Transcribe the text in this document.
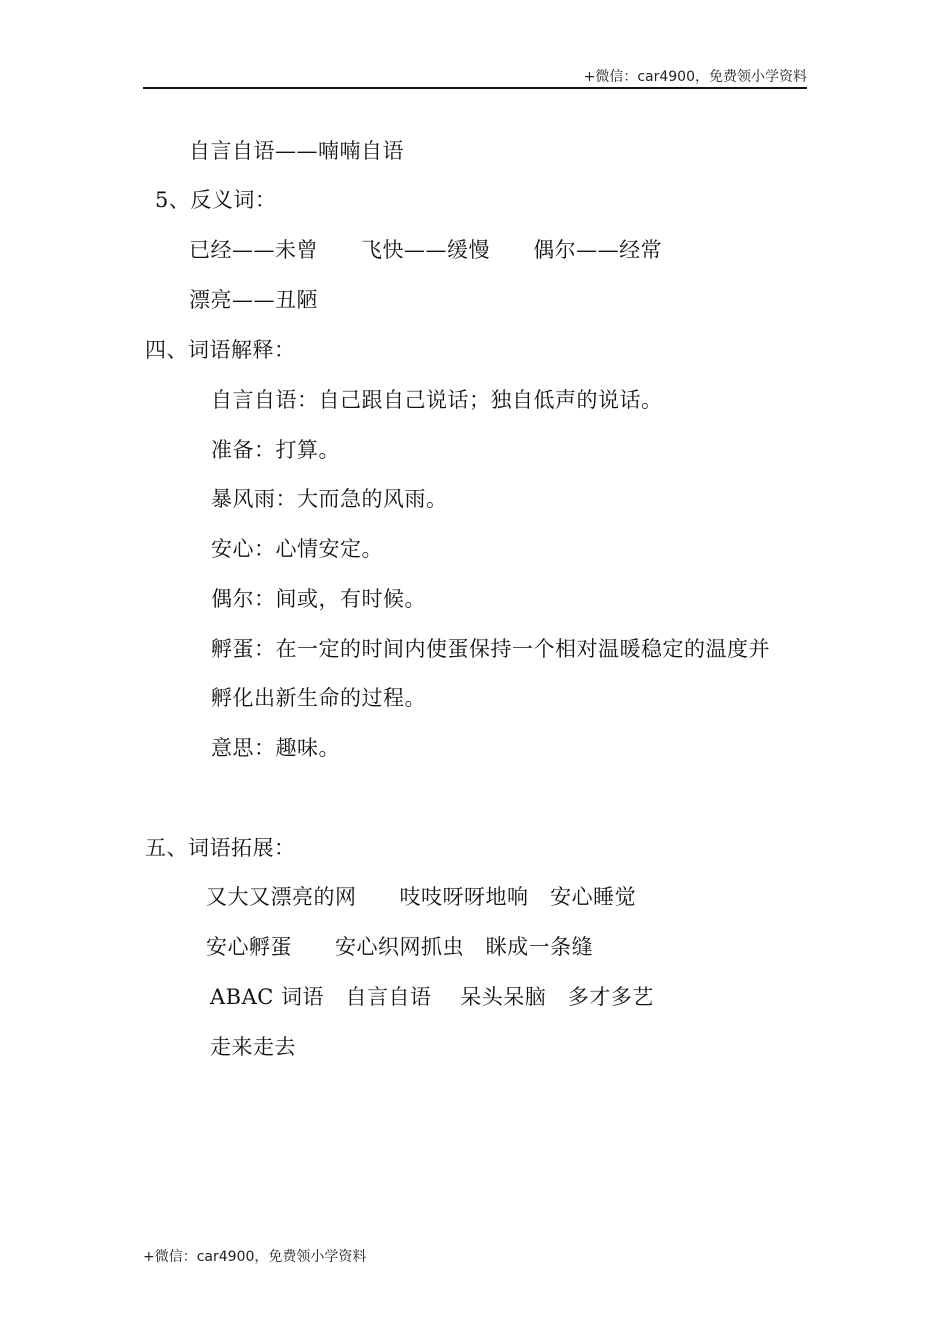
+微信：car4900，免费领小学资料
自言自语——喃喃自语
5、反义词：
已经——未曾      飞快——缓慢      偶尔——经常
漂亮——丑陋
四、词语解释：
自言自语：自己跟自己说话；独自低声的说话。
准备：打算。
暴风雨：大而急的风雨。
安心：心情安定。
偶尔：间或，有时候。
孵蛋：在一定的时间内使蛋保持一个相对温暖稳定的温度并
孵化出新生命的过程。
意思：趣味。
五、词语拓展：
又大又漂亮的网      吱吱呀呀地响   安心睡觉
安心孵蛋      安心织网抓虫   眯成一条缝
ABAC 词语   自言自语    呆头呆脑   多才多艺
走来走去
+微信：car4900，免费领小学资料
